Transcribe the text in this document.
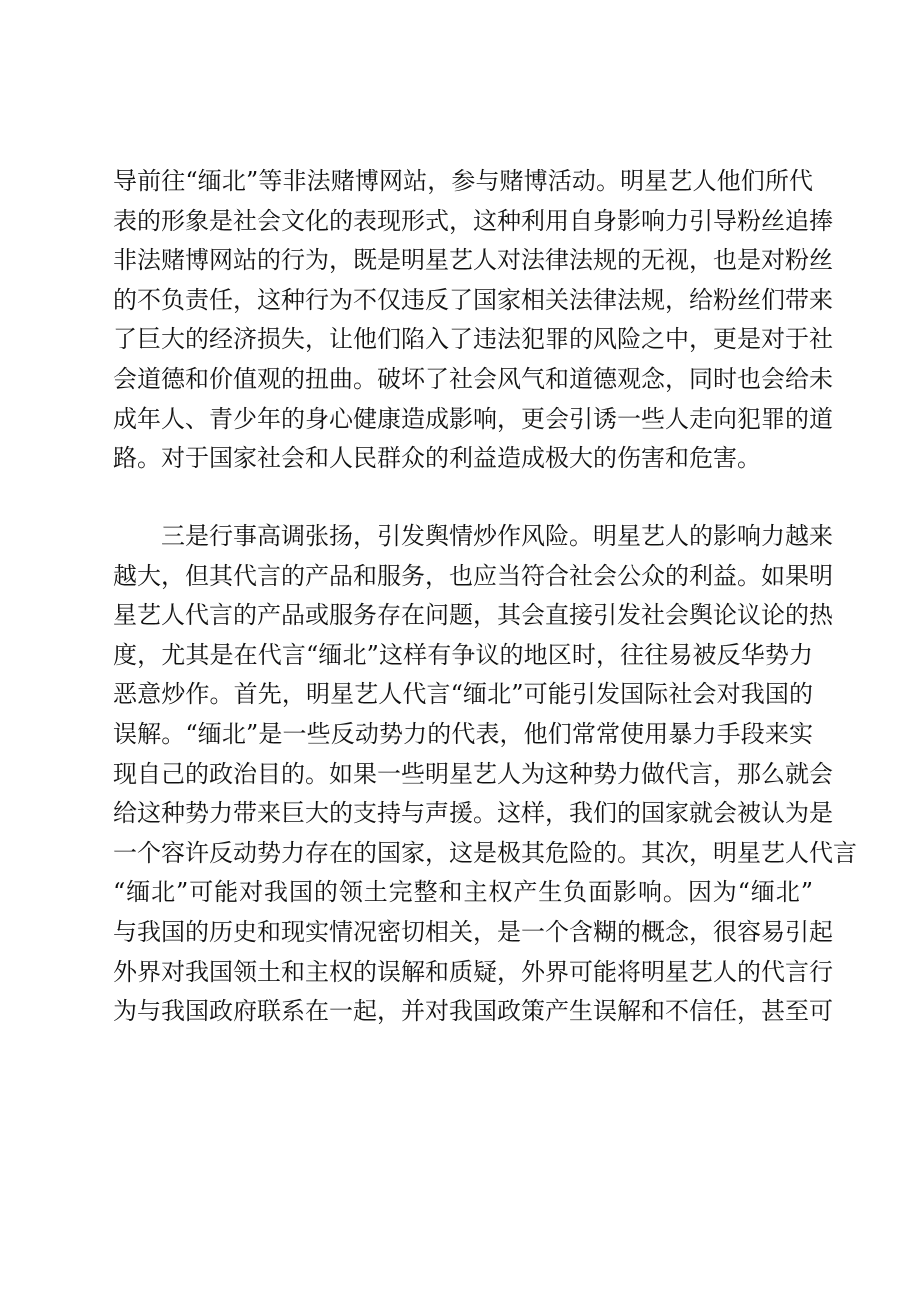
导前往“缅北”等非法赌博网站，参与赌博活动。明星艺人他们所代
表的形象是社会文化的表现形式，这种利用自身影响力引导粉丝追捧
非法赌博网站的行为，既是明星艺人对法律法规的无视，也是对粉丝
的不负责任，这种行为不仅违反了国家相关法律法规，给粉丝们带来
了巨大的经济损失，让他们陷入了违法犯罪的风险之中，更是对于社
会道德和价值观的扭曲。破坏了社会风气和道德观念，同时也会给未
成年人、青少年的身心健康造成影响，更会引诱一些人走向犯罪的道
路。对于国家社会和人民群众的利益造成极大的伤害和危害。
三是行事高调张扬，引发舆情炒作风险。明星艺人的影响力越来
越大，但其代言的产品和服务，也应当符合社会公众的利益。如果明
星艺人代言的产品或服务存在问题，其会直接引发社会舆论议论的热
度，尤其是在代言“缅北”这样有争议的地区时，往往易被反华势力
恶意炒作。首先，明星艺人代言“缅北”可能引发国际社会对我国的
误解。“缅北”是一些反动势力的代表，他们常常使用暴力手段来实
现自己的政治目的。如果一些明星艺人为这种势力做代言，那么就会
给这种势力带来巨大的支持与声援。这样，我们的国家就会被认为是
一个容许反动势力存在的国家，这是极其危险的。其次，明星艺人代言
“缅北”可能对我国的领土完整和主权产生负面影响。因为“缅北”
与我国的历史和现实情况密切相关，是一个含糊的概念，很容易引起
外界对我国领土和主权的误解和质疑，外界可能将明星艺人的代言行
为与我国政府联系在一起，并对我国政策产生误解和不信任，甚至可
